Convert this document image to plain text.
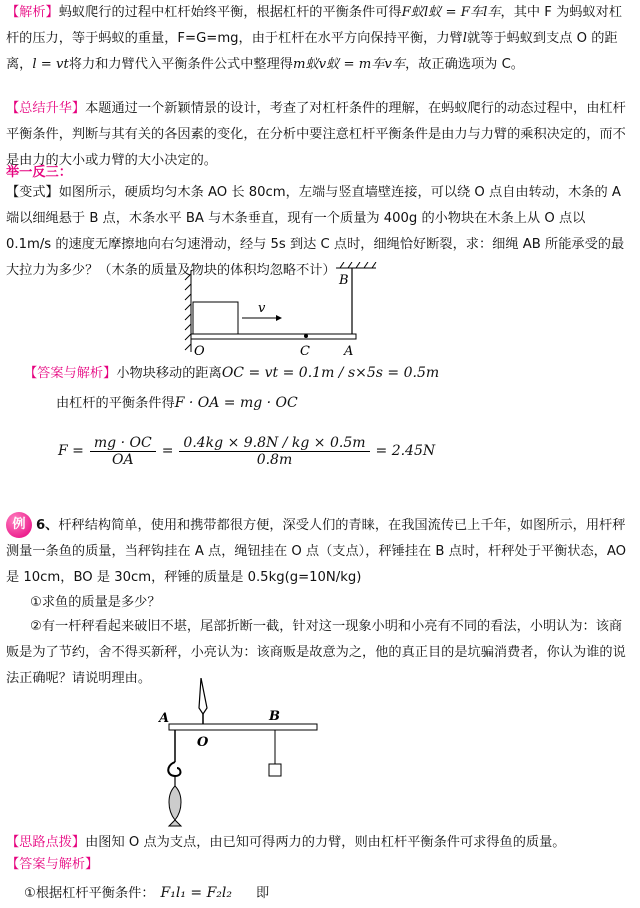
【解析】蚂蚁爬行的过程中杠杆始终平衡，根据杠杆的平衡条件可得F蚁l蚁 = F车l车，其中 F 为蚂蚁对杠杆的压力，等于蚂蚁的重量，F=G=mg，由于杠杆在水平方向保持平衡，力臂l就等于蚂蚁到支点 O 的距离，l = vt将力和力臂代入平衡条件公式中整理得m蚁v蚁 = m车v车，故正确选项为 C。
【总结升华】本题通过一个新颖情景的设计，考查了对杠杆条件的理解，在蚂蚁爬行的动态过程中，由杠杆平衡条件，判断与其有关的各因素的变化，在分析中要注意杠杆平衡条件是由力与力臂的乘积决定的，而不是由力的大小或力臂的大小决定的。
举一反三：
【变式】如图所示，硬质均匀木条 AO 长 80cm，左端与竖直墙壁连接，可以绕 O 点自由转动，木条的 A 端以细绳悬于 B 点，木条水平 BA 与木条垂直，现有一个质量为 400g 的小物块在木条上从 O 点以 0.1m/s 的速度无摩擦地向右匀速滑动，经与 5s 到达 C 点时，细绳恰好断裂，求：细绳 AB 所能承受的最大拉力为多少？（木条的质量及物块的体积均忽略不计）
B
v
O	C	A
【答案与解析】小物块移动的距离OC = vt = 0.1m / s×5s = 0.5m
由杠杆的平衡条件得F · OA = mg · OC
$F = \frac{mg \cdot OC}{OA} = \frac{0.4kg \times 9.8N / kg \times 0.5m}{0.8m} = 2.45N$
例 6、杆秤结构简单，使用和携带都很方便，深受人们的青睐，在我国流传已上千年，如图所示，用杆秤测量一条鱼的质量，当秤钩挂在 A 点，绳钮挂在 O 点（支点），秤锤挂在 B 点时，杆秤处于平衡状态，AO 是 10cm，BO 是 30cm，秤锤的质量是 0.5kg(g=10N/kg)
①求鱼的质量是多少？
②有一杆秤看起来破旧不堪，尾部折断一截，针对这一现象小明和小亮有不同的看法，小明认为：该商贩是为了节约，舍不得买新秤，小亮认为：该商贩是故意为之，他的真正目的是坑骗消费者，你认为谁的说法正确呢？请说明理由。
A
O
B
【思路点拨】由图知 O 点为支点，由已知可得两力的力臂，则由杠杆平衡条件可求得鱼的质量。
【答案与解析】
①根据杠杆平衡条件： F₁l₁ = F₂l₂ 即
